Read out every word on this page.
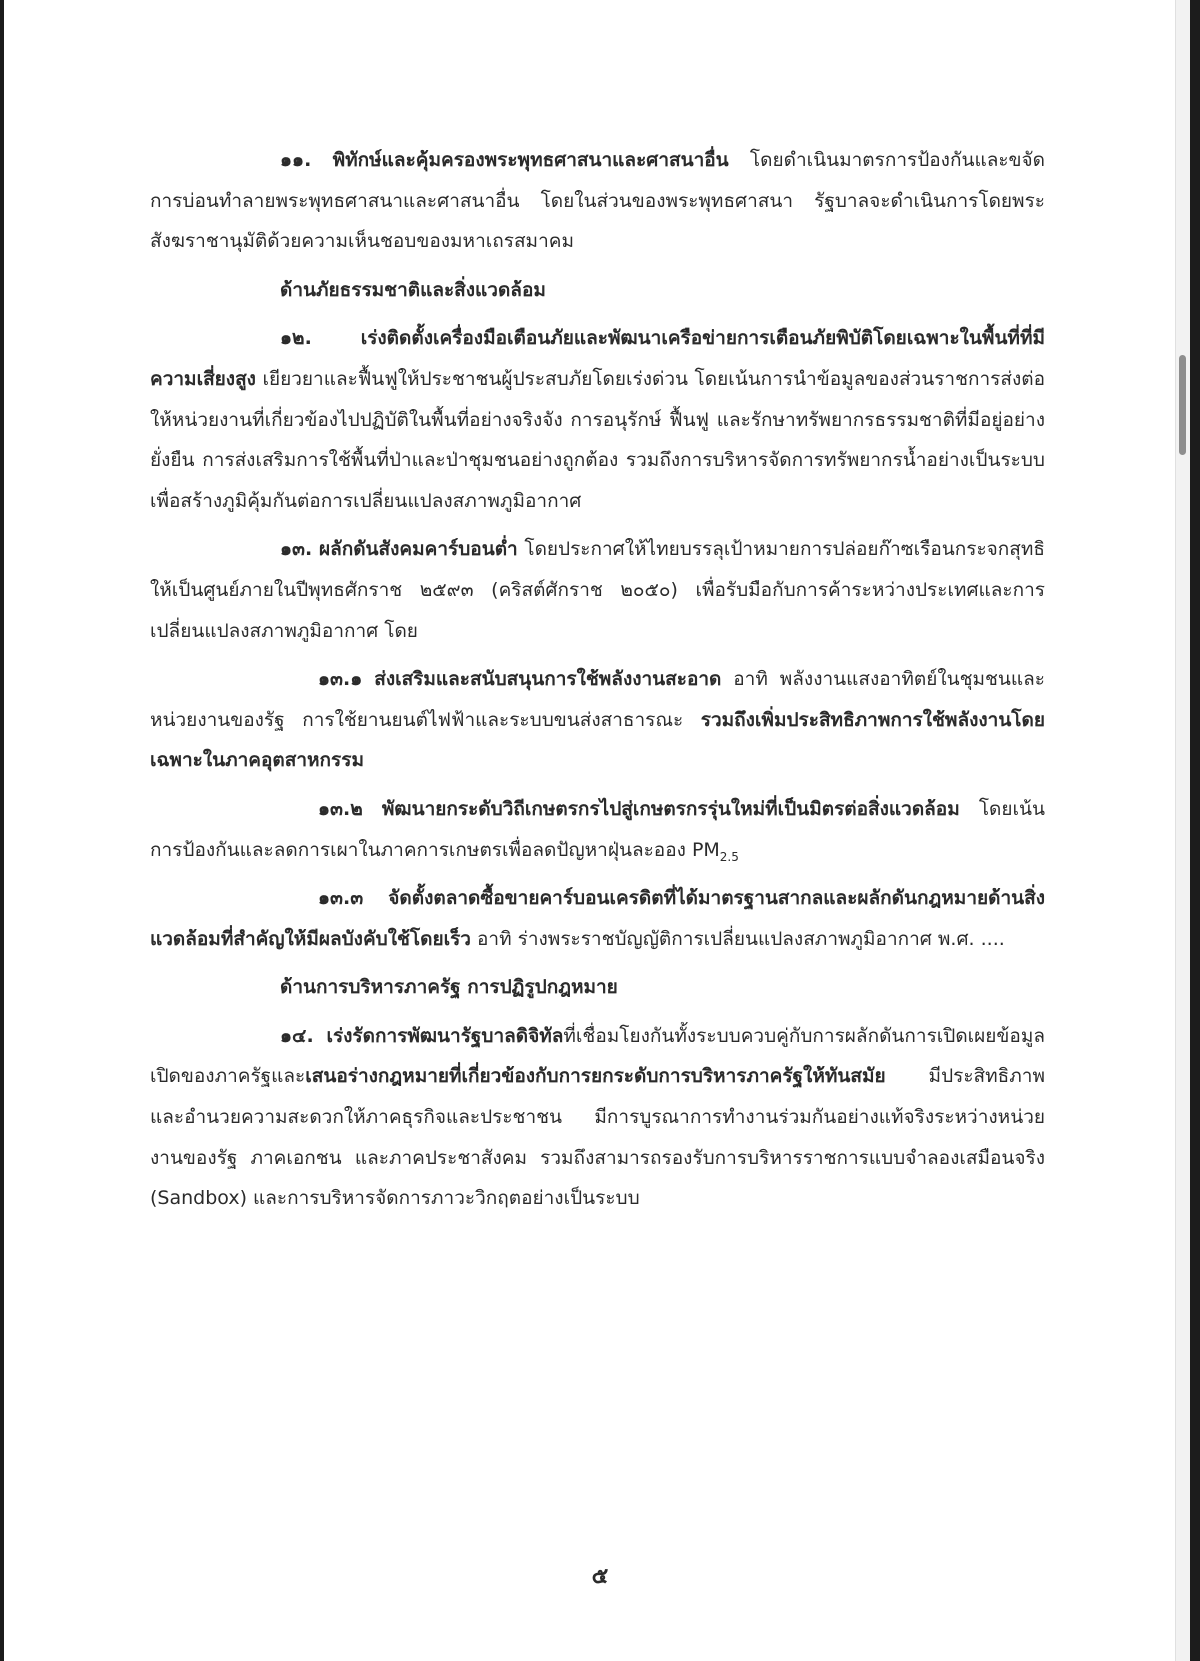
๑๑. พิทักษ์และคุ้มครองพระพุทธศาสนาและศาสนาอื่น โดยดำเนินมาตรการป้องกันและขจัดการบ่อนทำลายพระพุทธศาสนาและศาสนาอื่น โดยในส่วนของพระพุทธศาสนา รัฐบาลจะดำเนินการโดยพระสังฆราชานุมัติด้วยความเห็นชอบของมหาเถรสมาคม

ด้านภัยธรรมชาติและสิ่งแวดล้อม

๑๒.	เร่งติดตั้งเครื่องมือเตือนภัยและพัฒนาเครือข่ายการเตือนภัยพิบัติโดยเฉพาะในพื้นที่ที่มีความเสี่ยงสูง เยียวยาและฟื้นฟูให้ประชาชนผู้ประสบภัยโดยเร่งด่วน โดยเน้นการนำข้อมูลของส่วนราชการส่งต่อให้หน่วยงานที่เกี่ยวข้องไปปฏิบัติในพื้นที่อย่างจริงจัง การอนุรักษ์ ฟื้นฟู และรักษาทรัพยากรธรรมชาติที่มีอยู่อย่างยั่งยืน การส่งเสริมการใช้พื้นที่ป่าและป่าชุมชนอย่างถูกต้อง รวมถึงการบริหารจัดการทรัพยากรน้ำอย่างเป็นระบบ เพื่อสร้างภูมิคุ้มกันต่อการเปลี่ยนแปลงสภาพภูมิอากาศ

๑๓. ผลักดันสังคมคาร์บอนต่ำ โดยประกาศให้ไทยบรรลุเป้าหมายการปล่อยก๊าซเรือนกระจกสุทธิให้เป็นศูนย์ภายในปีพุทธศักราช ๒๕๙๓ (คริสต์ศักราช ๒๐๕๐) เพื่อรับมือกับการค้าระหว่างประเทศและการเปลี่ยนแปลงสภาพภูมิอากาศ โดย

๑๓.๑ ส่งเสริมและสนับสนุนการใช้พลังงานสะอาด อาทิ พลังงานแสงอาทิตย์ในชุมชนและหน่วยงานของรัฐ การใช้ยานยนต์ไฟฟ้าและระบบขนส่งสาธารณะ รวมถึงเพิ่มประสิทธิภาพการใช้พลังงานโดยเฉพาะในภาคอุตสาหกรรม

๑๓.๒ พัฒนายกระดับวิถีเกษตรกรไปสู่เกษตรกรรุ่นใหม่ที่เป็นมิตรต่อสิ่งแวดล้อม โดยเน้นการป้องกันและลดการเผาในภาคการเกษตรเพื่อลดปัญหาฝุ่นละออง $PM_{2.5}$

๑๓.๓ จัดตั้งตลาดซื้อขายคาร์บอนเครดิตที่ได้มาตรฐานสากลและผลักดันกฎหมายด้านสิ่งแวดล้อมที่สำคัญให้มีผลบังคับใช้โดยเร็ว อาทิ ร่างพระราชบัญญัติการเปลี่ยนแปลงสภาพภูมิอากาศ พ.ศ. ....

ด้านการบริหารภาครัฐ การปฏิรูปกฎหมาย

๑๔. เร่งรัดการพัฒนารัฐบาลดิจิทัลที่เชื่อมโยงกันทั้งระบบควบคู่กับการผลักดันการเปิดเผยข้อมูลเปิดของภาครัฐและเสนอร่างกฎหมายที่เกี่ยวข้องกับการยกระดับการบริหารภาครัฐให้ทันสมัย มีประสิทธิภาพ และอำนวยความสะดวกให้ภาคธุรกิจและประชาชน มีการบูรณาการทำงานร่วมกันอย่างแท้จริงระหว่างหน่วยงานของรัฐ ภาคเอกชน และภาคประชาสังคม รวมถึงสามารถรองรับการบริหารราชการแบบจำลองเสมือนจริง (Sandbox) และการบริหารจัดการภาวะวิกฤตอย่างเป็นระบบ

๕
